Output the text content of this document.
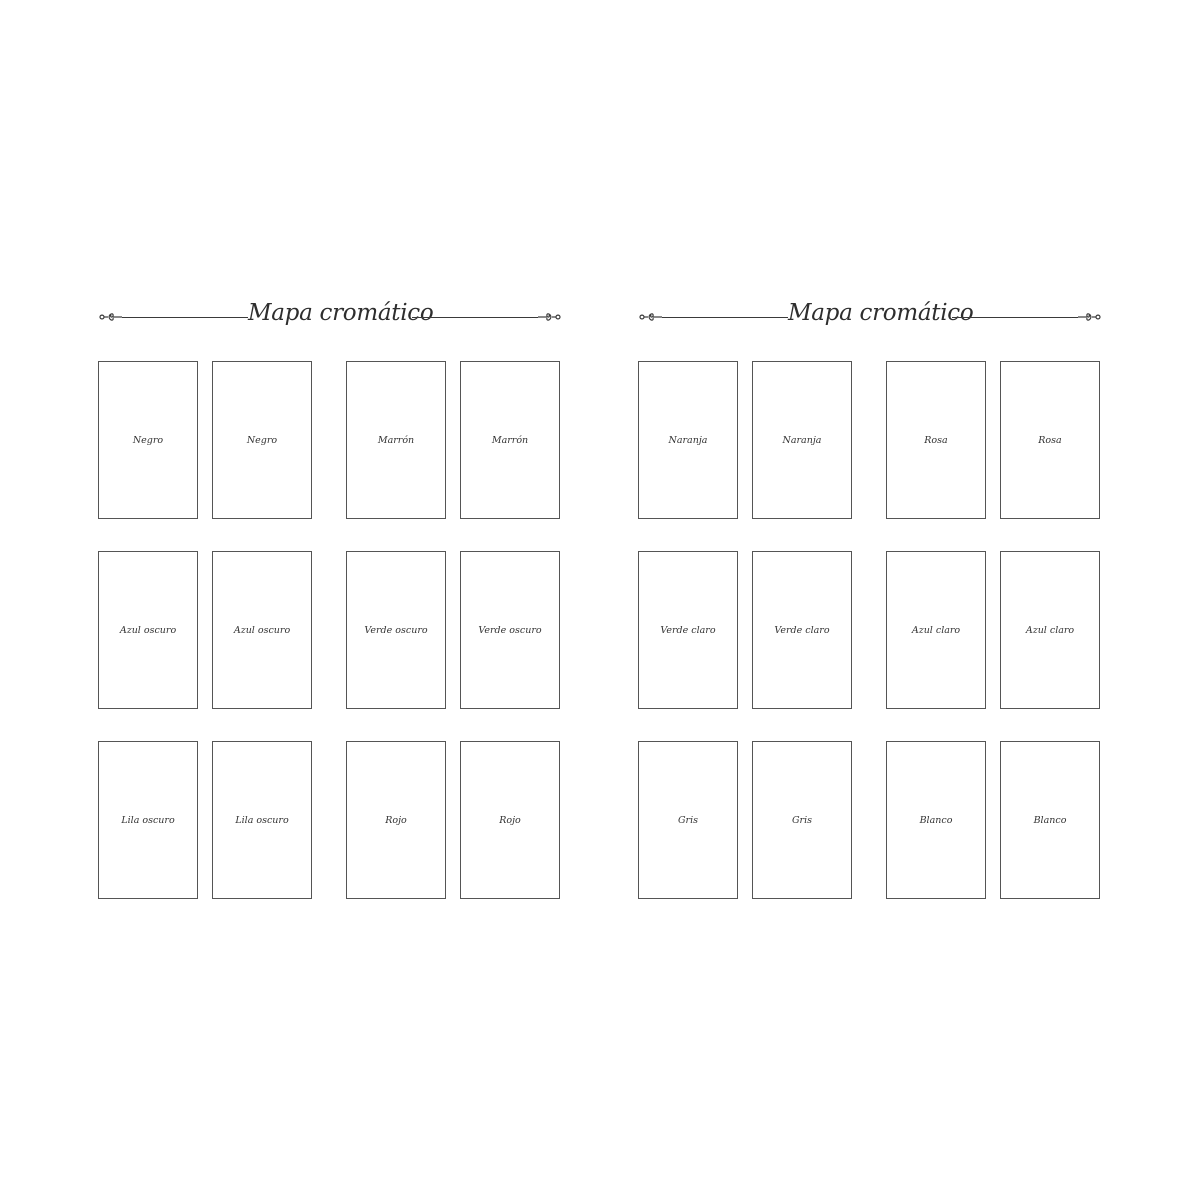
Mapa cromático
Negro	Negro	Marrón	Marrón
Azul oscuro	Azul oscuro	Verde oscuro	Verde oscuro
Lila oscuro	Lila oscuro	Rojo	Rojo
Mapa cromático
Naranja	Naranja	Rosa	Rosa
Verde claro	Verde claro	Azul claro	Azul claro
Gris	Gris	Blanco	Blanco
